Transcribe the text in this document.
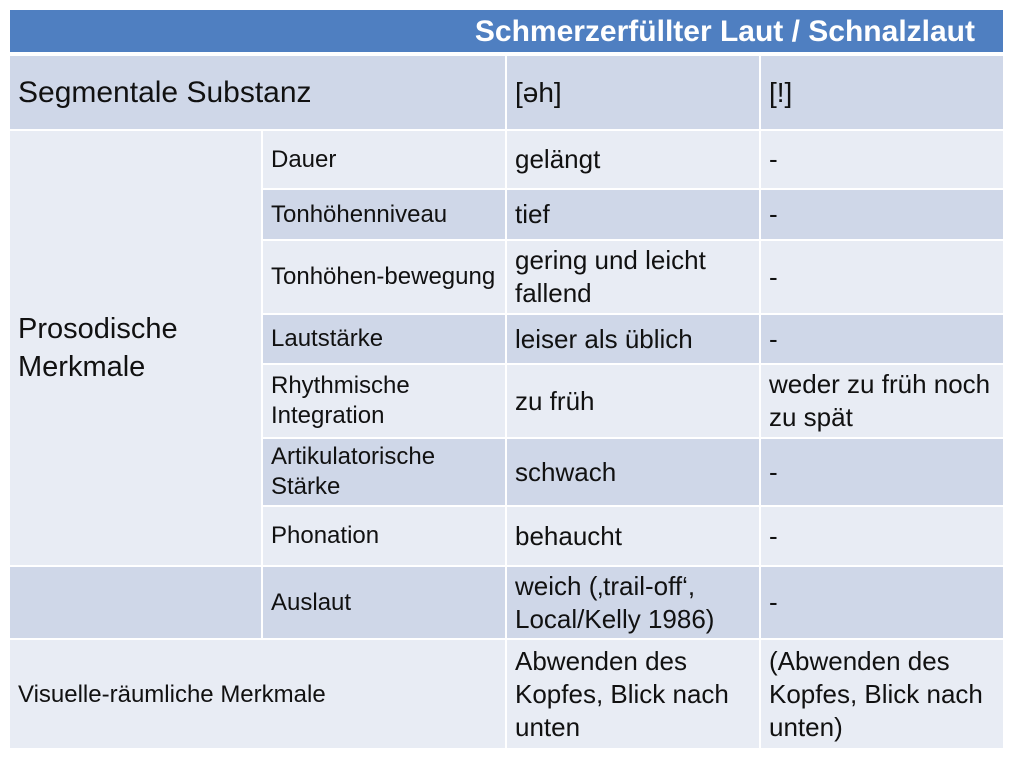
Schmerzerfüllter Laut / Schnalzlaut			
Segmentale Substanz		[əh]	[!]
Prosodische Merkmale	Dauer	gelängt	-
	Tonhöhenniveau	tief	-
	Tonhöhen-bewegung	gering und leicht fallend	-
	Lautstärke	leiser als üblich	-
	Rhythmische Integration	zu früh	weder zu früh noch zu spät
	Artikulatorische Stärke	schwach	-
	Phonation	behaucht	-
	Auslaut	weich (‚trail-off‘, Local/Kelly 1986)	-
Visuelle-räumliche Merkmale		Abwenden des Kopfes, Blick nach unten	(Abwenden des Kopfes, Blick nach unten)
